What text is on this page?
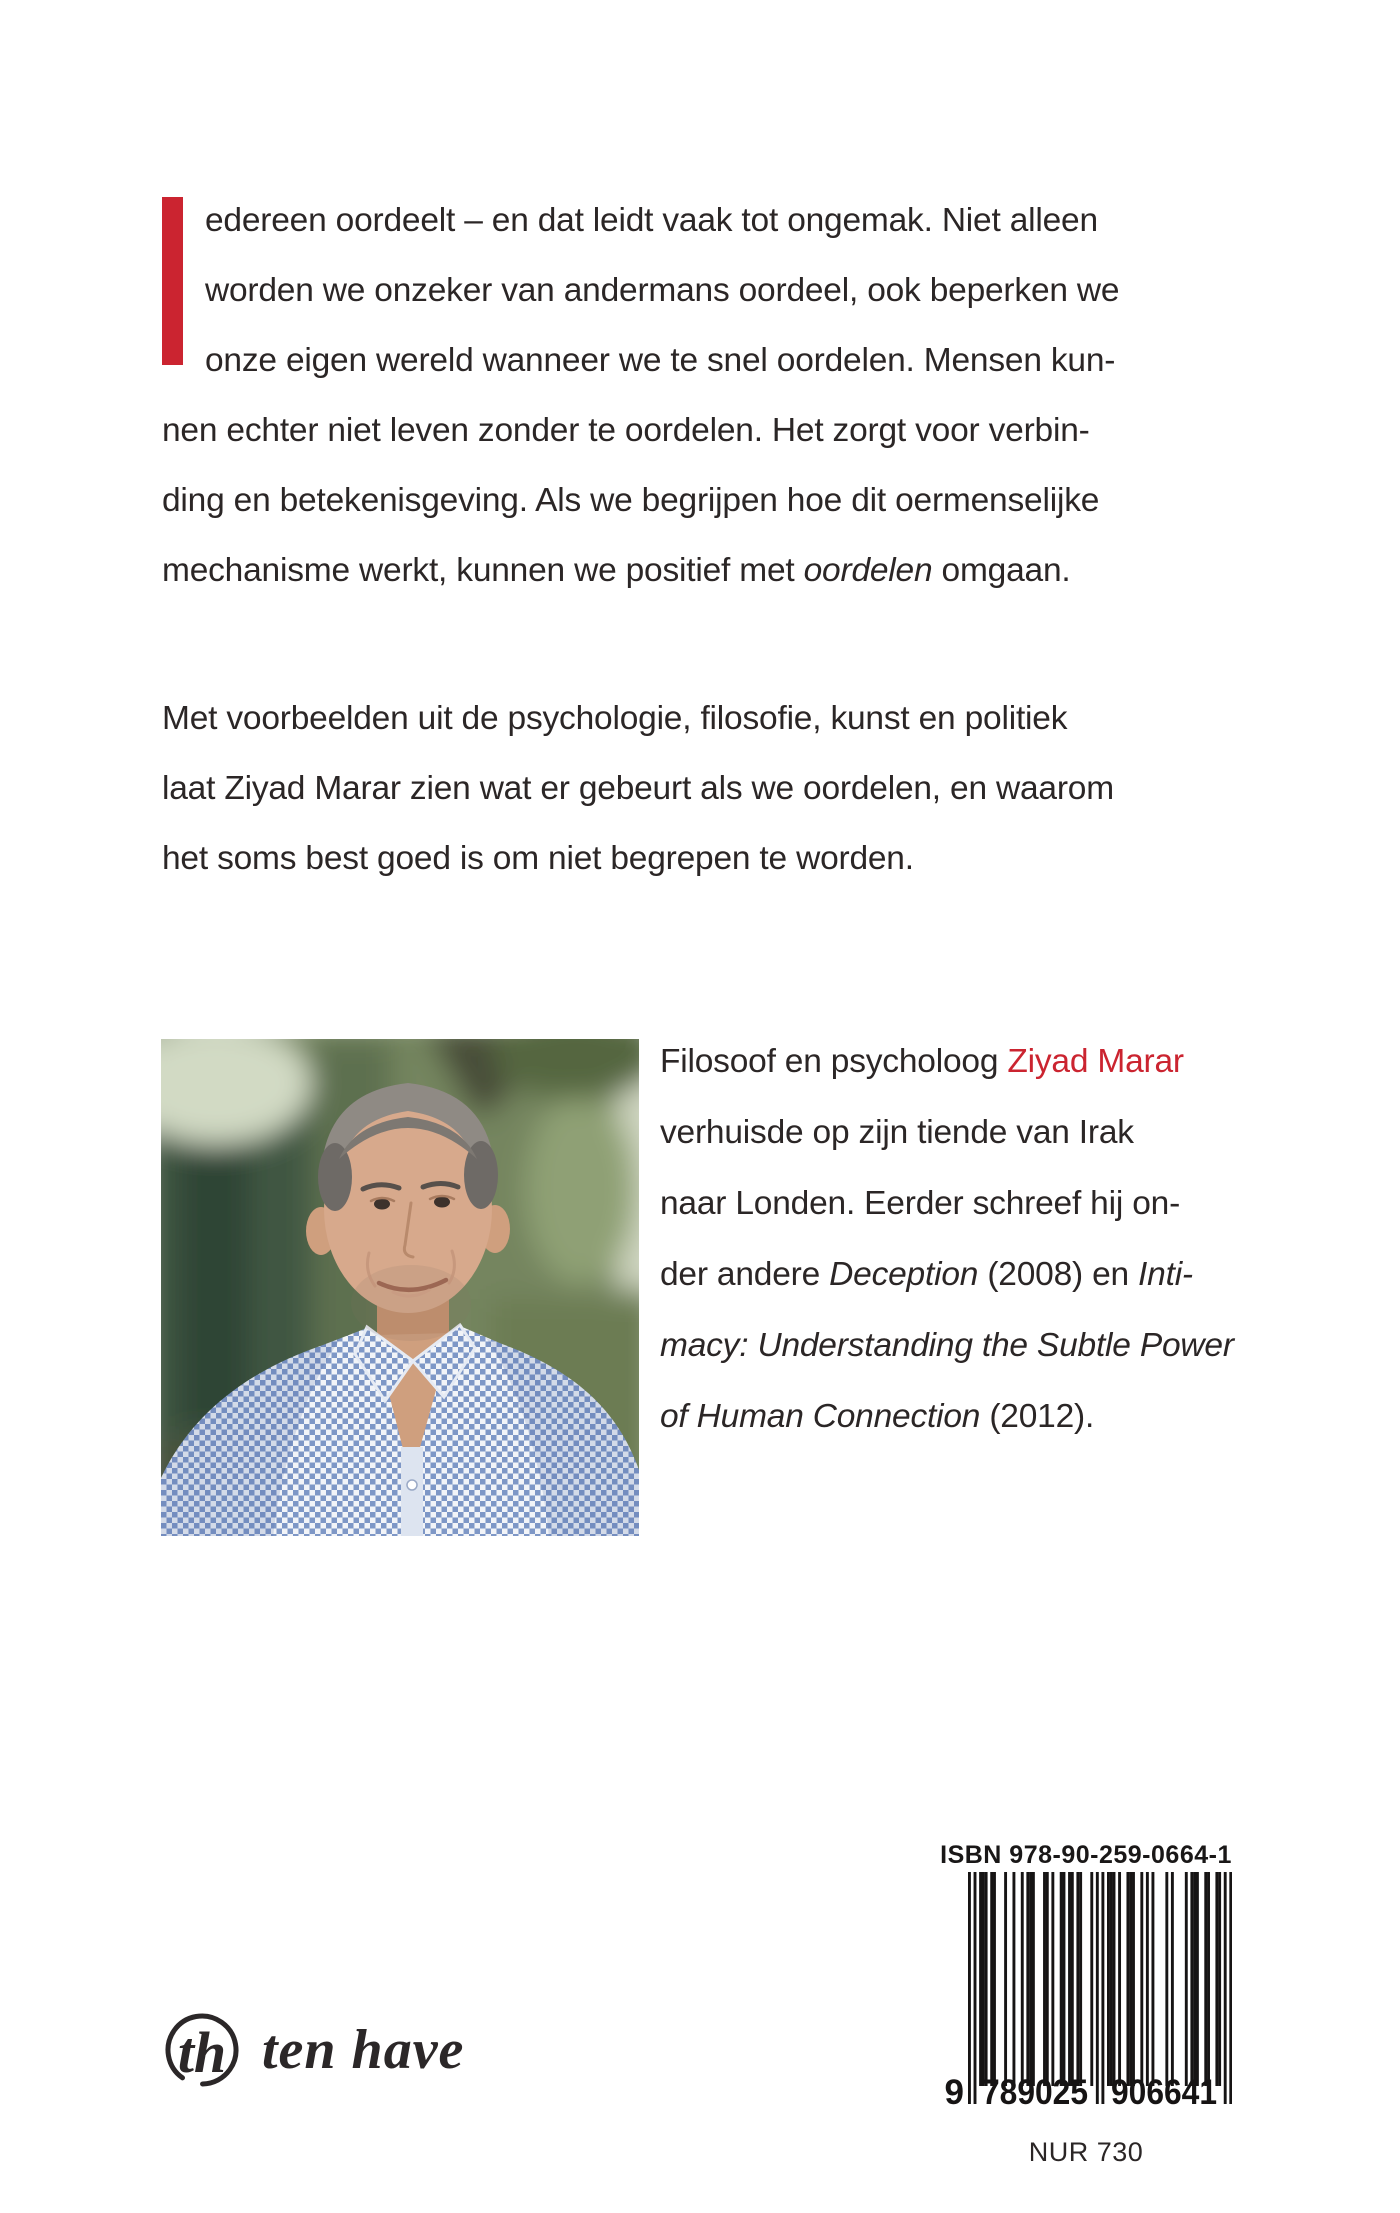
edereen oordeelt – en dat leidt vaak tot ongemak. Niet alleen
worden we onzeker van andermans oordeel, ook beperken we
onze eigen wereld wanneer we te snel oordelen. Mensen kun-
nen echter niet leven zonder te oordelen. Het zorgt voor verbin-
ding en betekenisgeving. Als we begrijpen hoe dit oermenselijke
mechanisme werkt, kunnen we positief met oordelen omgaan.
Met voorbeelden uit de psychologie, filosofie, kunst en politiek
laat Ziyad Marar zien wat er gebeurt als we oordelen, en waarom
het soms best goed is om niet begrepen te worden.
Filosoof en psycholoog Ziyad Marar
verhuisde op zijn tiende van Irak
naar Londen. Eerder schreef hij on-
der andere Deception (2008) en Inti-
macy: Understanding the Subtle Power
of Human Connection (2012).
th ten have
ISBN 978-90-259-0664-1
9 789025 906641
NUR 730
